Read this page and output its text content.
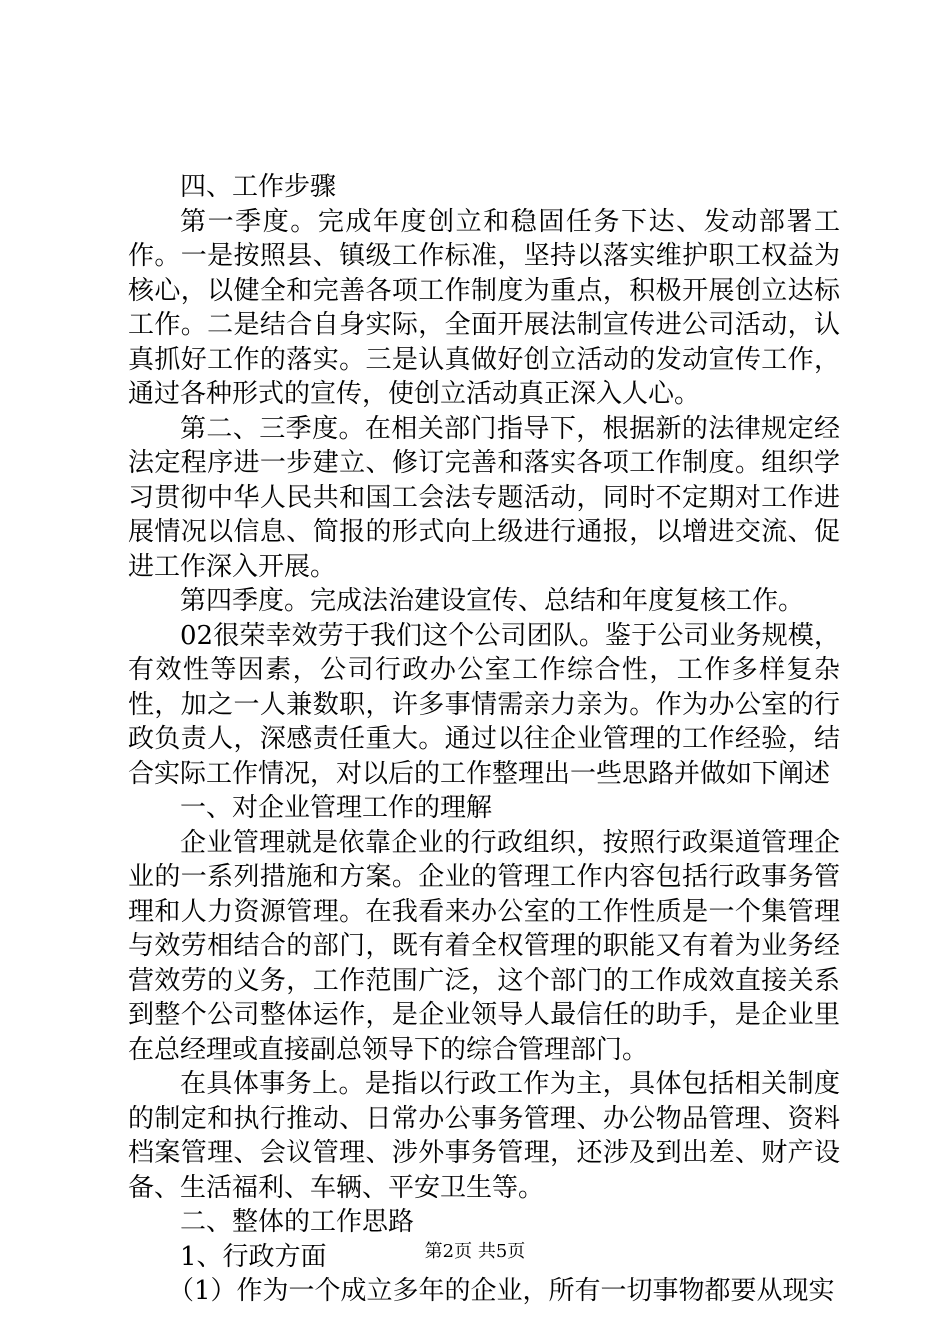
四、工作步骤

第一季度。完成年度创立和稳固任务下达、发动部署工作。一是按照县、镇级工作标准，坚持以落实维护职工权益为核心，以健全和完善各项工作制度为重点，积极开展创立达标工作。二是结合自身实际，全面开展法制宣传进公司活动，认真抓好工作的落实。三是认真做好创立活动的发动宣传工作，通过各种形式的宣传，使创立活动真正深入人心。

第二、三季度。在相关部门指导下，根据新的法律规定经法定程序进一步建立、修订完善和落实各项工作制度。组织学习贯彻中华人民共和国工会法专题活动，同时不定期对工作进展情况以信息、简报的形式向上级进行通报，以增进交流、促进工作深入开展。

第四季度。完成法治建设宣传、总结和年度复核工作。

02很荣幸效劳于我们这个公司团队。鉴于公司业务规模，有效性等因素，公司行政办公室工作综合性，工作多样复杂性，加之一人兼数职，许多事情需亲力亲为。作为办公室的行政负责人，深感责任重大。通过以往企业管理的工作经验，结合实际工作情况，对以后的工作整理出一些思路并做如下阐述

一、对企业管理工作的理解

企业管理就是依靠企业的行政组织，按照行政渠道管理企业的一系列措施和方案。企业的管理工作内容包括行政事务管理和人力资源管理。在我看来办公室的工作性质是一个集管理与效劳相结合的部门，既有着全权管理的职能又有着为业务经营效劳的义务，工作范围广泛，这个部门的工作成效直接关系到整个公司整体运作，是企业领导人最信任的助手，是企业里在总经理或直接副总领导下的综合管理部门。

在具体事务上。是指以行政工作为主，具体包括相关制度的制定和执行推动、日常办公事务管理、办公物品管理、资料档案管理、会议管理、涉外事务管理，还涉及到出差、财产设备、生活福利、车辆、平安卫生等。

二、整体的工作思路

1、行政方面

（1）作为一个成立多年的企业，所有一切事物都要从现实

第2页 共5页
